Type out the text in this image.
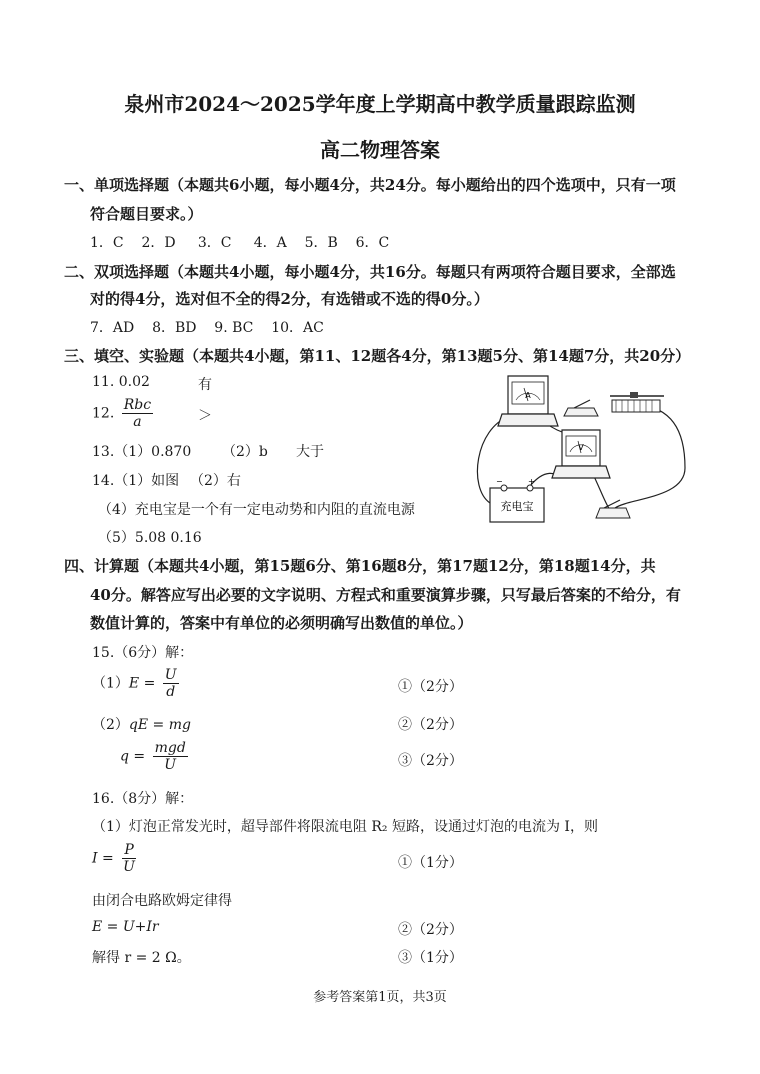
泉州市2024～2025学年度上学期高中教学质量跟踪监测
高二物理答案
一、单项选择题（本题共6小题，每小题4分，共24分。每小题给出的四个选项中，只有一项
符合题目要求。）
1．C 2．D 3．C 4．A 5．B 6．C
二、双项选择题（本题共4小题，每小题4分，共16分。每题只有两项符合题目要求，全部选
对的得4分，选对但不全的得2分，有选错或不选的得0分。）
7．AD 8．BD 9. BC 10．AC
三、填空、实验题（本题共4小题，第11、12题各4分，第13题5分、第14题7分，共20分）
11. 0.02	有
12. $\frac{\text{Rbc}}{a}$	＞
13.（1）0.870 （2）b 大于
14.（1）如图 （2）右
（4）充电宝是一个有一定电动势和内阻的直流电源
（5）5.08 0.16
A
V
−	+
充电宝
四、计算题（本题共4小题，第15题6分、第16题8分，第17题12分，第18题14分，共
40分。解答应写出必要的文字说明、方程式和重要演算步骤，只写最后答案的不给分，有
数值计算的，答案中有单位的必须明确写出数值的单位。）
15.（6分）解：
$(1)E = \frac{U}{d}$	①（2分）
（2）qE = mg	②（2分）
$q = \frac{\text{mgd}}{U}$	③（2分）
16.（8分）解：
（1）灯泡正常发光时，超导部件将限流电阻 R₂ 短路，设通过灯泡的电流为 I，则
$I = \frac{P}{U}$	①（1分）
由闭合电路欧姆定律得
E = U+Ir	②（2分）
解得 r = 2 Ω。	③（1分）
参考答案第1页，共3页
